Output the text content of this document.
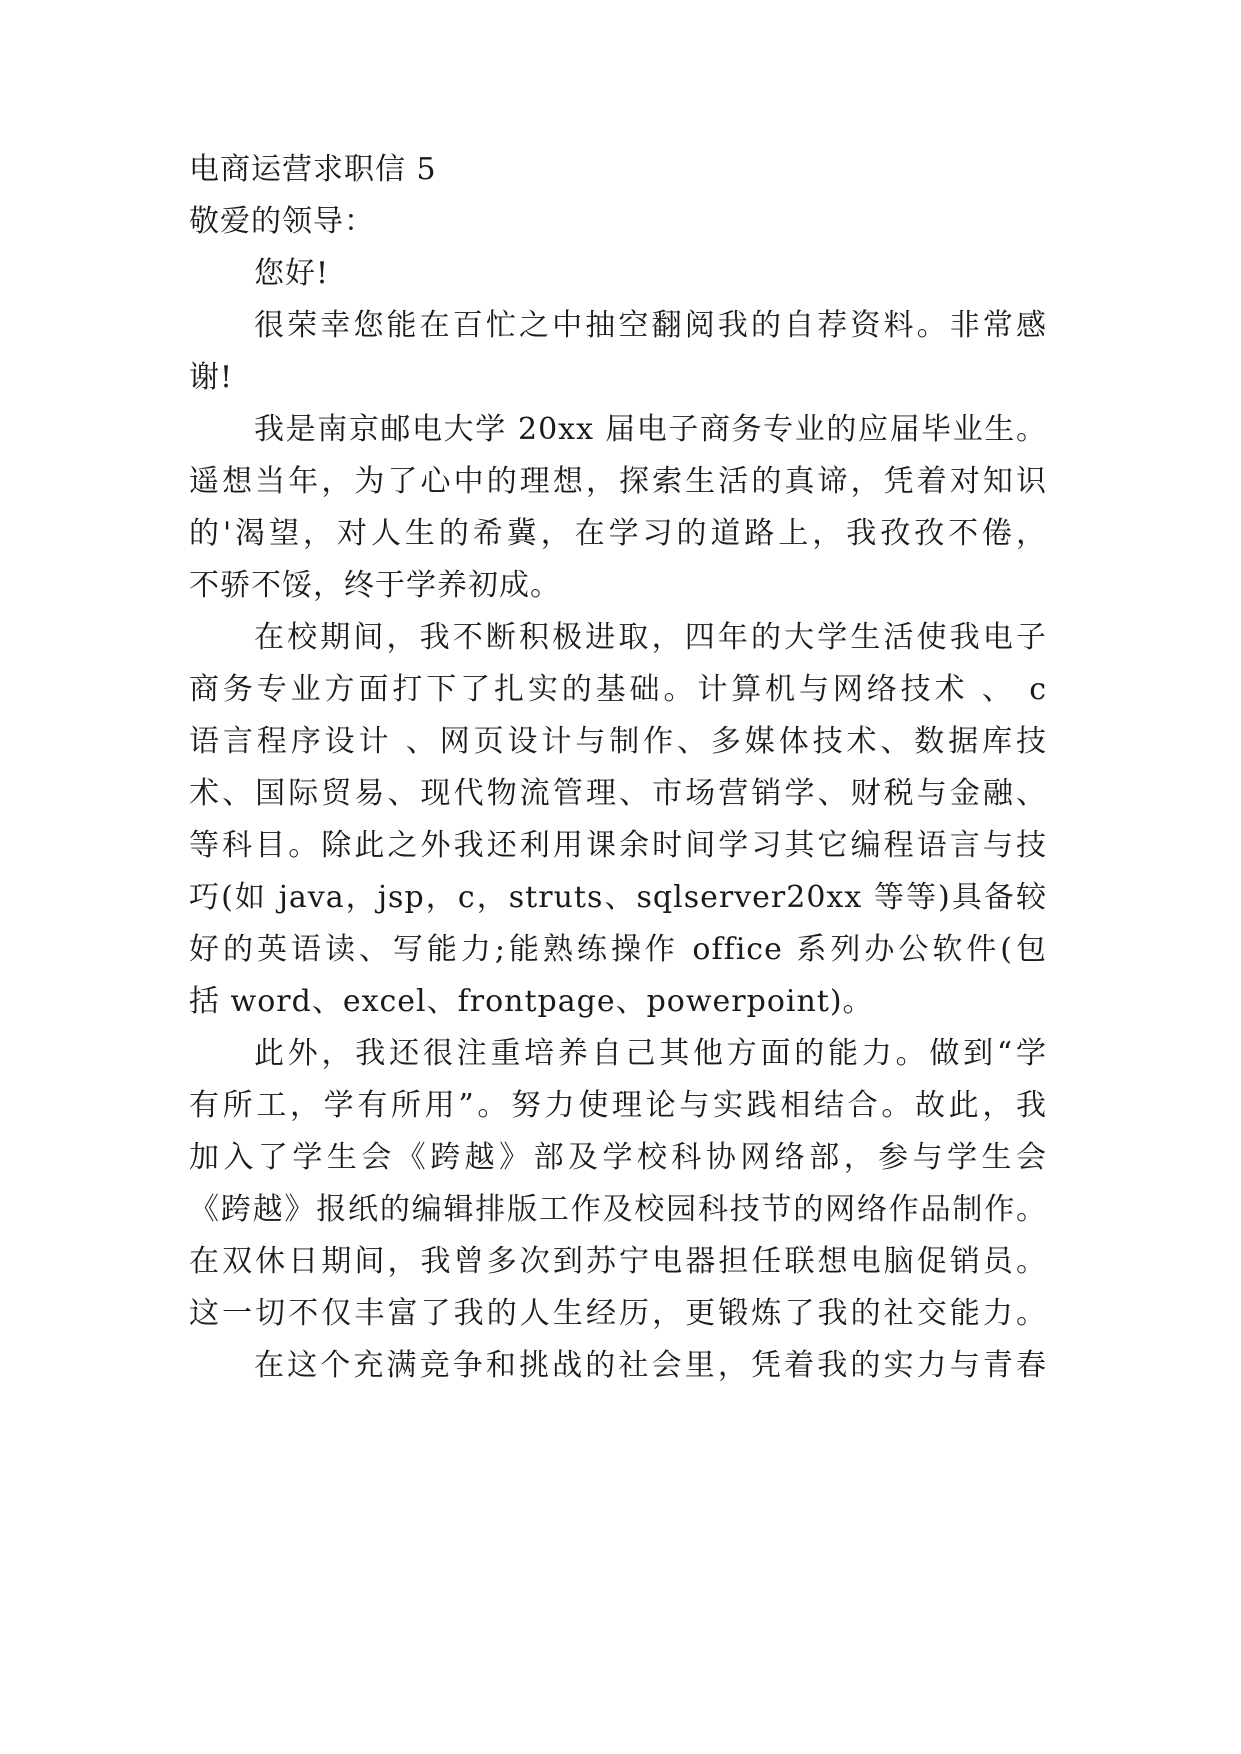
电商运营求职信 5
敬爱的领导：
您好!
很荣幸您能在百忙之中抽空翻阅我的自荐资料。非常感
谢!
我是南京邮电大学 20xx 届电子商务专业的应届毕业生。
遥想当年，为了心中的理想，探索生活的真谛，凭着对知识
的'渴望，对人生的希冀，在学习的道路上，我孜孜不倦，
不骄不馁，终于学养初成。
在校期间，我不断积极进取，四年的大学生活使我电子
商务专业方面打下了扎实的基础。计算机与网络技术 、 c
语言程序设计 、网页设计与制作、多媒体技术、数据库技
术、国际贸易、现代物流管理、市场营销学、财税与金融、
等科目。除此之外我还利用课余时间学习其它编程语言与技
巧(如 java，jsp，c，struts、sqlserver20xx 等等)具备较
好的英语读、写能力;能熟练操作 office 系列办公软件(包
括 word、excel、frontpage、powerpoint)。
此外，我还很注重培养自己其他方面的能力。做到“学
有所工，学有所用”。努力使理论与实践相结合。故此，我
加入了学生会《跨越》部及学校科协网络部，参与学生会
《跨越》报纸的编辑排版工作及校园科技节的网络作品制作。
在双休日期间，我曾多次到苏宁电器担任联想电脑促销员。
这一切不仅丰富了我的人生经历，更锻炼了我的社交能力。
在这个充满竞争和挑战的社会里，凭着我的实力与青春
